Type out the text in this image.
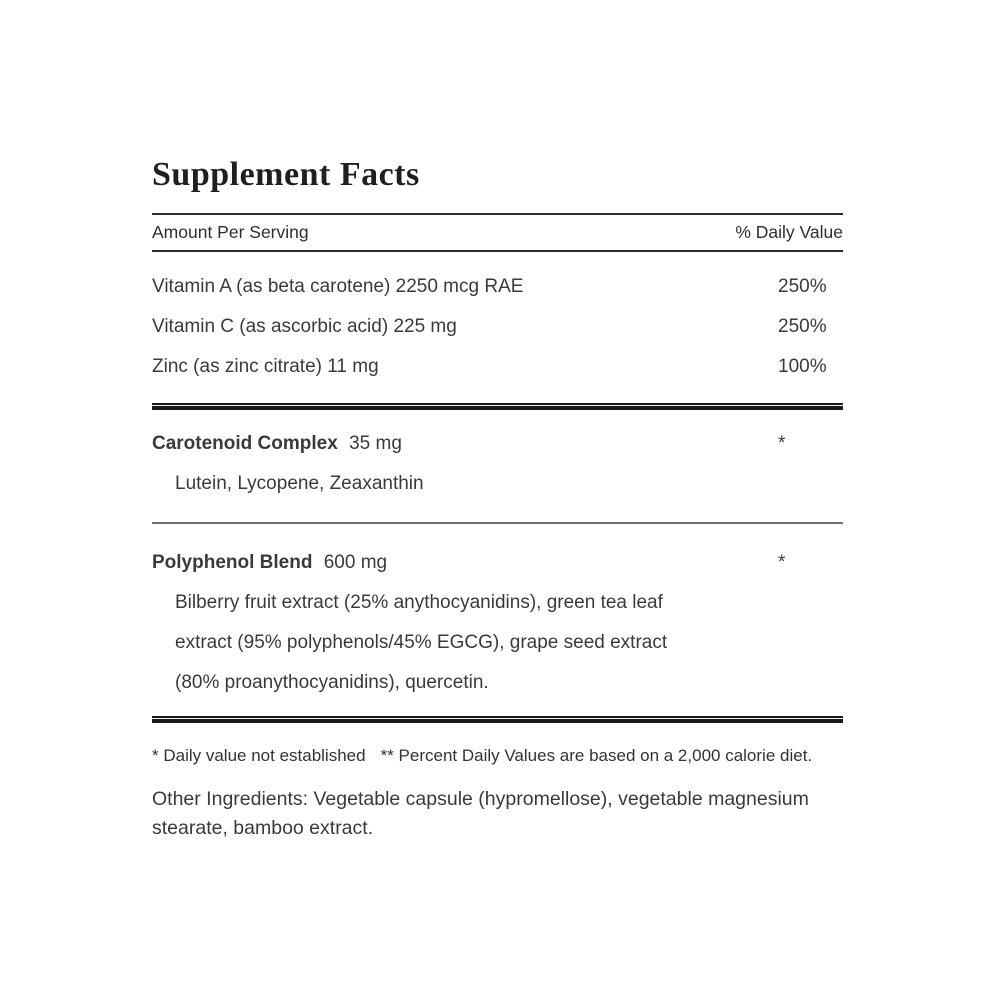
Supplement Facts
Amount Per Serving	% Daily Value
Vitamin A (as beta carotene) 2250 mcg RAE	250%
Vitamin C (as ascorbic acid) 225 mg	250%
Zinc (as zinc citrate) 11 mg	100%
Carotenoid Complex 35 mg	*
Lutein, Lycopene, Zeaxanthin
Polyphenol Blend 600 mg	*
Bilberry fruit extract (25% anythocyanidins), green tea leaf
extract (95% polyphenols/45% EGCG), grape seed extract
(80% proanythocyanidins), quercetin.
* Daily value not established ** Percent Daily Values are based on a 2,000 calorie diet.
Other Ingredients: Vegetable capsule (hypromellose), vegetable magnesium stearate, bamboo extract.
